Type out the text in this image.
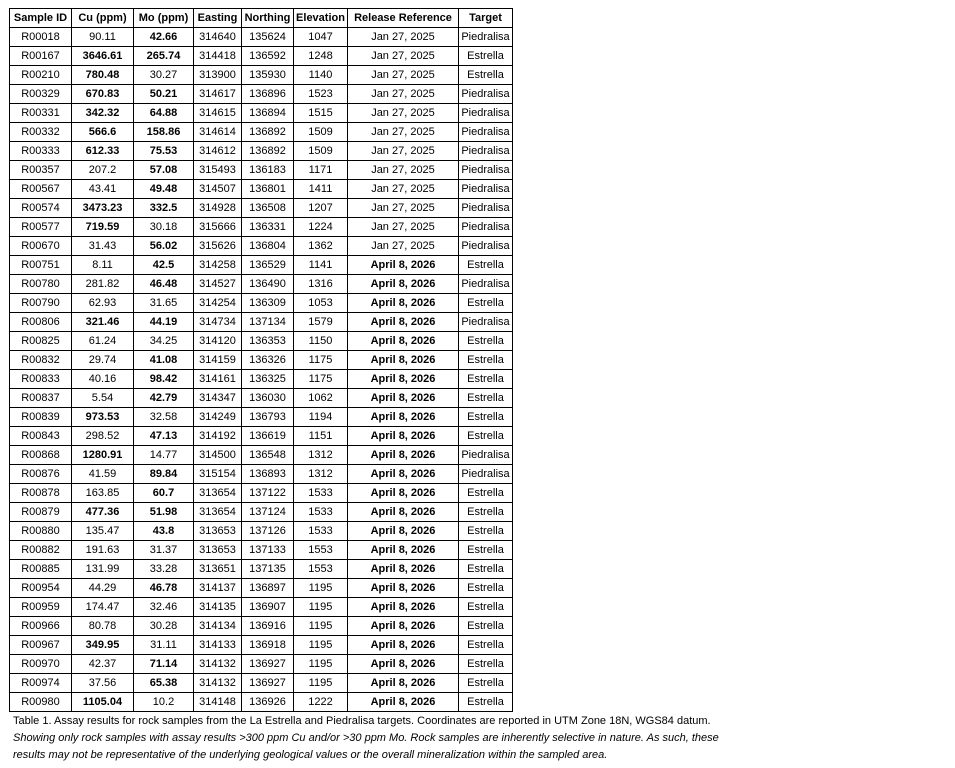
Sample ID	Cu (ppm)	Mo (ppm)	Easting	Northing	Elevation	Release Reference	Target
R00018	90.11	42.66	314640	135624	1047	Jan 27, 2025	Piedralisa
R00167	3646.61	265.74	314418	136592	1248	Jan 27, 2025	Estrella
R00210	780.48	30.27	313900	135930	1140	Jan 27, 2025	Estrella
R00329	670.83	50.21	314617	136896	1523	Jan 27, 2025	Piedralisa
R00331	342.32	64.88	314615	136894	1515	Jan 27, 2025	Piedralisa
R00332	566.6	158.86	314614	136892	1509	Jan 27, 2025	Piedralisa
R00333	612.33	75.53	314612	136892	1509	Jan 27, 2025	Piedralisa
R00357	207.2	57.08	315493	136183	1171	Jan 27, 2025	Piedralisa
R00567	43.41	49.48	314507	136801	1411	Jan 27, 2025	Piedralisa
R00574	3473.23	332.5	314928	136508	1207	Jan 27, 2025	Piedralisa
R00577	719.59	30.18	315666	136331	1224	Jan 27, 2025	Piedralisa
R00670	31.43	56.02	315626	136804	1362	Jan 27, 2025	Piedralisa
R00751	8.11	42.5	314258	136529	1141	April 8, 2026	Estrella
R00780	281.82	46.48	314527	136490	1316	April 8, 2026	Piedralisa
R00790	62.93	31.65	314254	136309	1053	April 8, 2026	Estrella
R00806	321.46	44.19	314734	137134	1579	April 8, 2026	Piedralisa
R00825	61.24	34.25	314120	136353	1150	April 8, 2026	Estrella
R00832	29.74	41.08	314159	136326	1175	April 8, 2026	Estrella
R00833	40.16	98.42	314161	136325	1175	April 8, 2026	Estrella
R00837	5.54	42.79	314347	136030	1062	April 8, 2026	Estrella
R00839	973.53	32.58	314249	136793	1194	April 8, 2026	Estrella
R00843	298.52	47.13	314192	136619	1151	April 8, 2026	Estrella
R00868	1280.91	14.77	314500	136548	1312	April 8, 2026	Piedralisa
R00876	41.59	89.84	315154	136893	1312	April 8, 2026	Piedralisa
R00878	163.85	60.7	313654	137122	1533	April 8, 2026	Estrella
R00879	477.36	51.98	313654	137124	1533	April 8, 2026	Estrella
R00880	135.47	43.8	313653	137126	1533	April 8, 2026	Estrella
R00882	191.63	31.37	313653	137133	1553	April 8, 2026	Estrella
R00885	131.99	33.28	313651	137135	1553	April 8, 2026	Estrella
R00954	44.29	46.78	314137	136897	1195	April 8, 2026	Estrella
R00959	174.47	32.46	314135	136907	1195	April 8, 2026	Estrella
R00966	80.78	30.28	314134	136916	1195	April 8, 2026	Estrella
R00967	349.95	31.11	314133	136918	1195	April 8, 2026	Estrella
R00970	42.37	71.14	314132	136927	1195	April 8, 2026	Estrella
R00974	37.56	65.38	314132	136927	1195	April 8, 2026	Estrella
R00980	1105.04	10.2	314148	136926	1222	April 8, 2026	Estrella

Table 1. Assay results for rock samples from the La Estrella and Piedralisa targets. Coordinates are reported in UTM Zone 18N, WGS84 datum. Showing only rock samples with assay results >300 ppm Cu and/or >30 ppm Mo. Rock samples are inherently selective in nature. As such, these results may not be representative of the underlying geological values or the overall mineralization within the sampled area.
